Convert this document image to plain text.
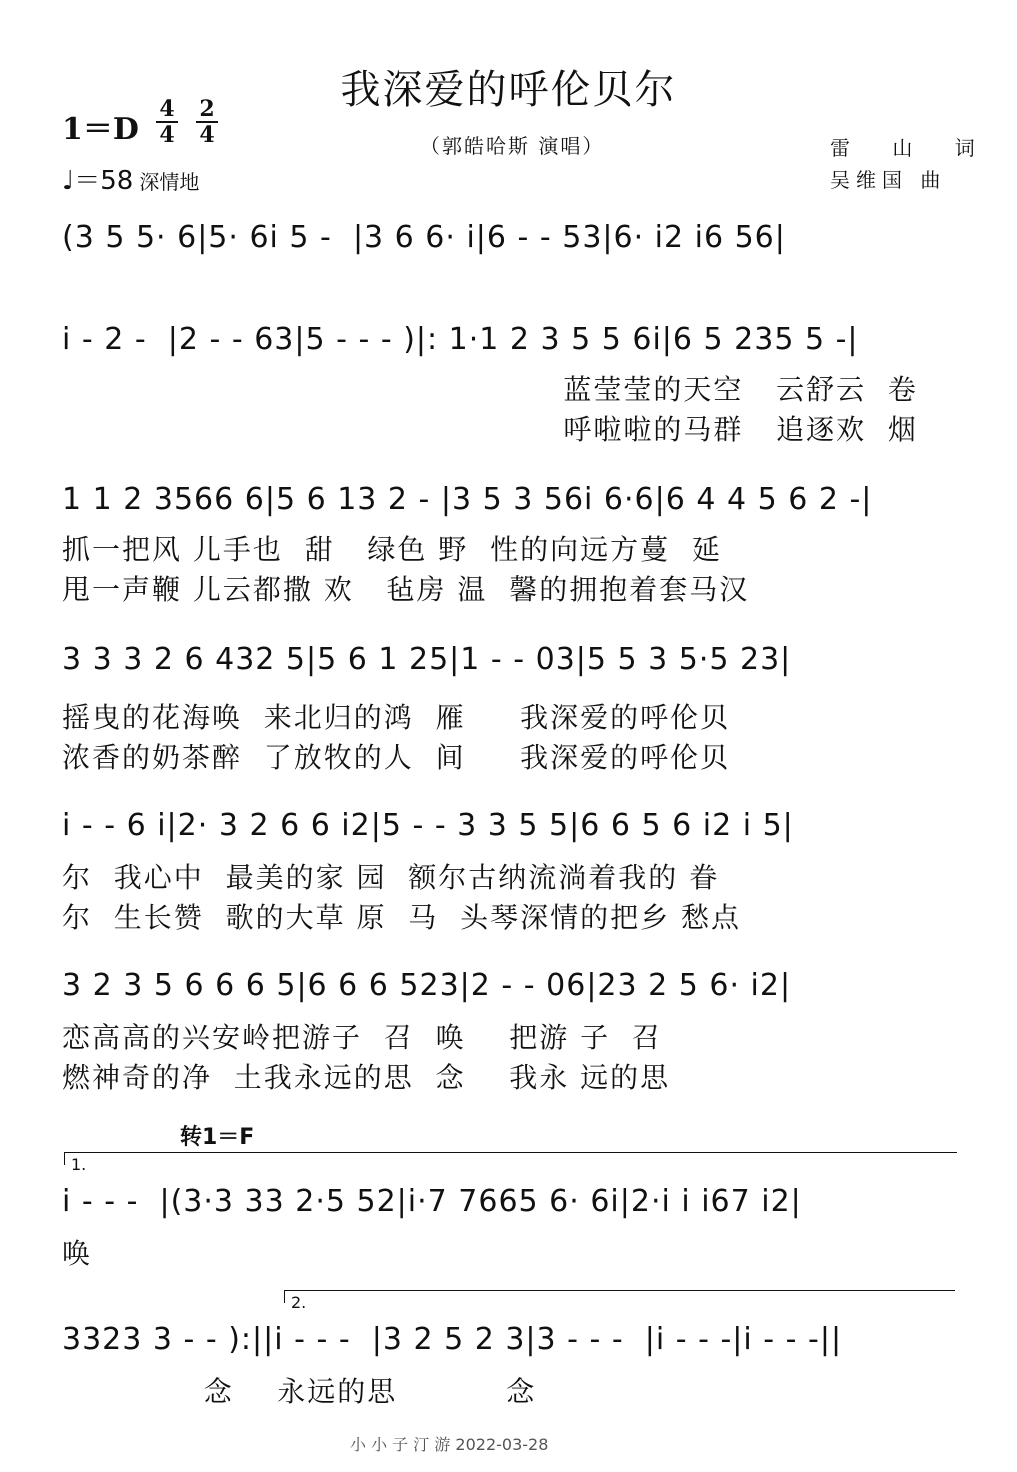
我深爱的呼伦贝尔
（郭皓哈斯 演唱）
1＝D
4
4
2
4
♩＝58 深情地
雷 山 词
吴维国 曲
(3 5 5· 6|5· 6i 5 -  |3 6 6· i|6 - - 53|6· i2 i6 56|
i - 2 -  |2 - - 63|5 - - - )|: 1·1 2 3 5 5 6i|6 5 235 5 -|
蓝莹莹的天空   云舒云  卷
呼啦啦的马群   追逐欢  烟
1 1 2 3566 6|5 6 13 2 - |3 5 3 56i 6·6|6 4 4 5 6 2 -|
抓一把风 儿手也  甜   绿色 野  性的向远方蔓  延
甩一声鞭 儿云都撒 欢   毡房 温  馨的拥抱着套马汉
3 3 3 2 6 432 5|5 6 1 25|1 - - 03|5 5 3 5·5 23|
摇曳的花海唤  来北归的鸿  雁     我深爱的呼伦贝
浓香的奶茶醉  了放牧的人  间     我深爱的呼伦贝
i - - 6 i|2· 3 2 6 6 i2|5 - - 3 3 5 5|6 6 5 6 i2 i 5|
尔  我心中  最美的家 园  额尔古纳流淌着我的 眷
尔  生长赞  歌的大草 原  马  头琴深情的把乡 愁点
3 2 3 5 6 6 6 5|6 6 6 523|2 - - 06|23 2 5 6· i2|
恋高高的兴安岭把游子  召  唤    把游 子  召
燃神奇的净  土我永远的思  念    我永 远的思
转1＝F
1.
i - - -  |(3·3 33 2·5 52|i·7 7665 6· 6i|2·i i i67 i2|
唤
2.
3323 3 - - ):||i - - -  |3 2 5 2 3|3 - - -  |i - - -|i - - -||
念    永远的思          念
小 小 子 汀 游 2022-03-28
